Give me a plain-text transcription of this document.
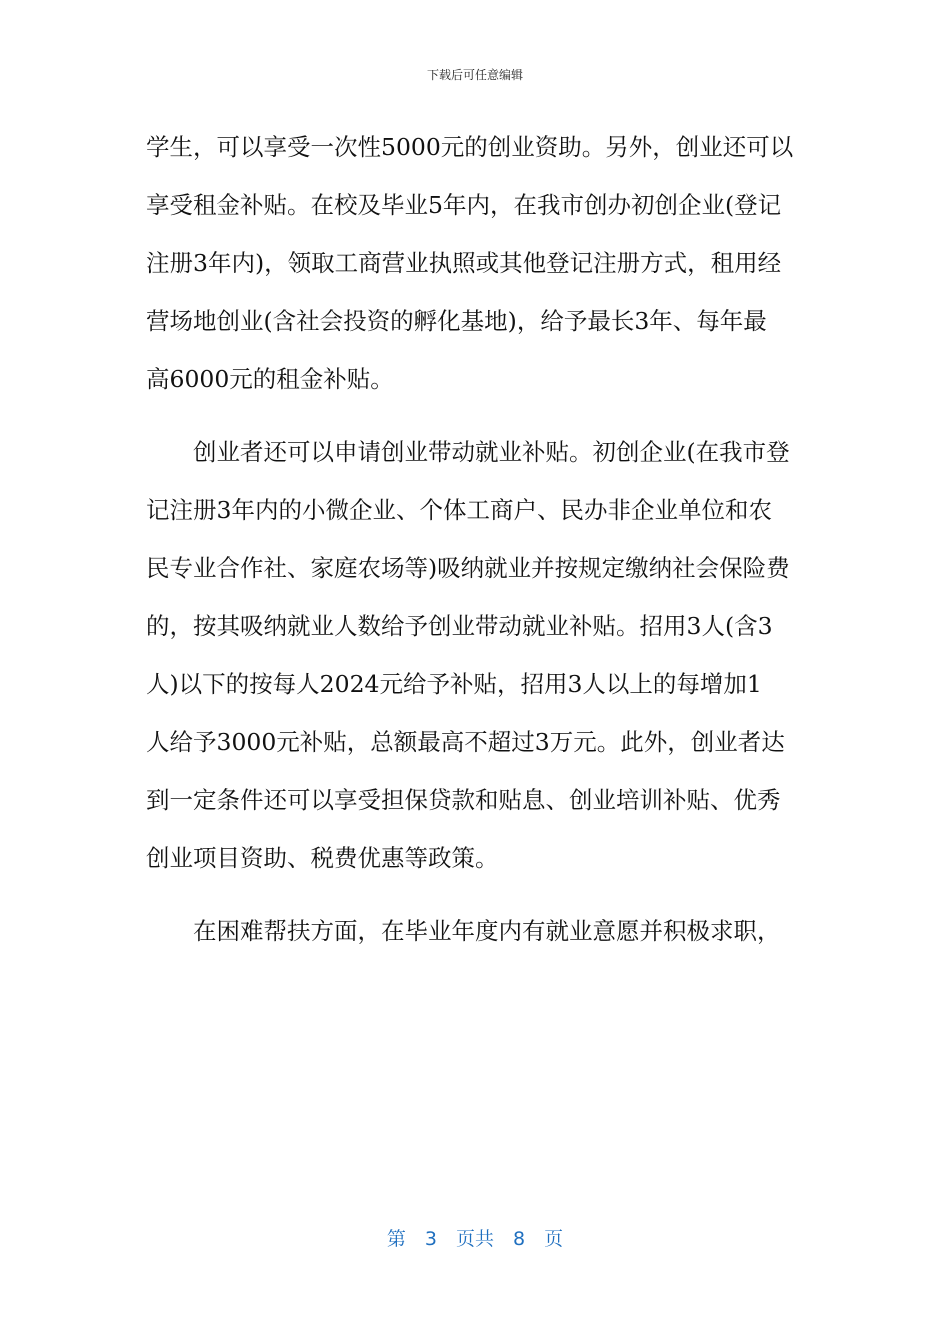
下载后可任意编辑
学生，可以享受一次性5000元的创业资助。另外，创业还可以
享受租金补贴。在校及毕业5年内，在我市创办初创企业(登记
注册3年内)，领取工商营业执照或其他登记注册方式，租用经
营场地创业(含社会投资的孵化基地)，给予最长3年、每年最
高6000元的租金补贴。
　　创业者还可以申请创业带动就业补贴。初创企业(在我市登
记注册3年内的小微企业、个体工商户、民办非企业单位和农
民专业合作社、家庭农场等)吸纳就业并按规定缴纳社会保险费
的，按其吸纳就业人数给予创业带动就业补贴。招用3人(含3
人)以下的按每人2024元给予补贴，招用3人以上的每增加1
人给予3000元补贴，总额最高不超过3万元。此外，创业者达
到一定条件还可以享受担保贷款和贴息、创业培训补贴、优秀
创业项目资助、税费优惠等政策。
　　在困难帮扶方面，在毕业年度内有就业意愿并积极求职，
第　3　页共　8　页
